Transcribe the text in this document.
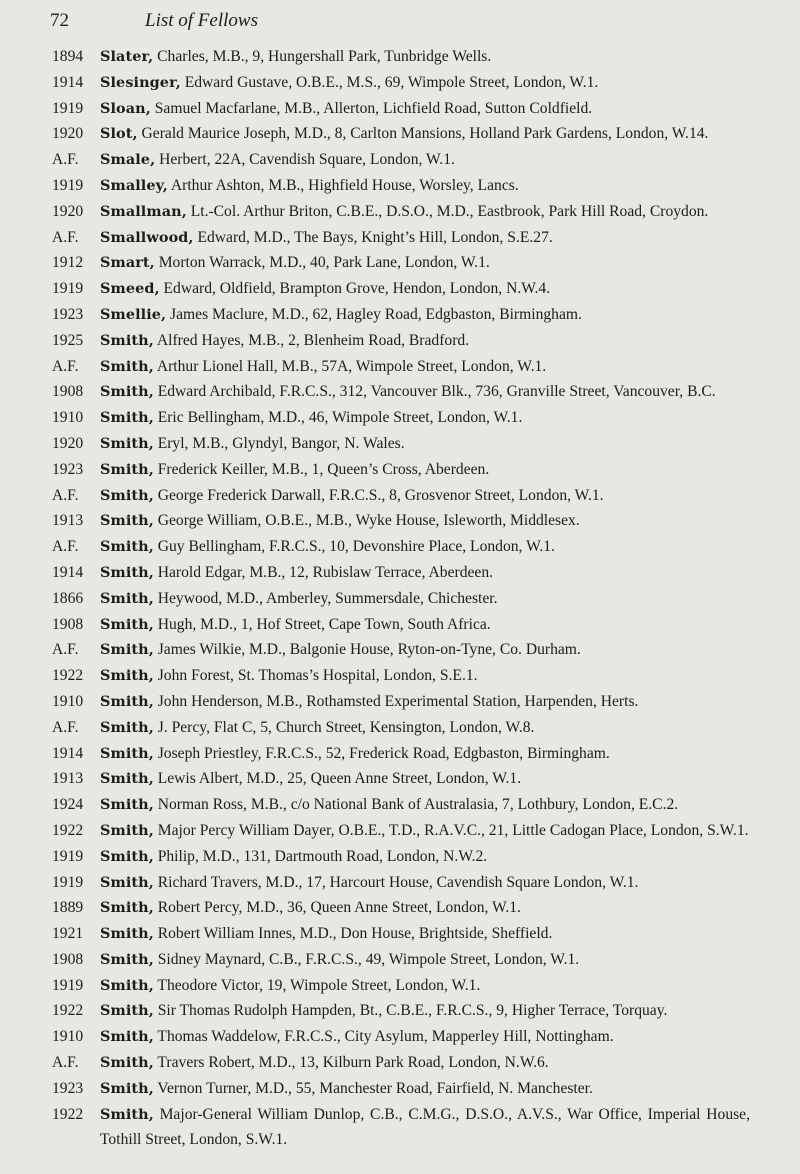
72	List of Fellows
1894	Slater, Charles, M.B., 9, Hungershall Park, Tunbridge Wells.
1914	Slesinger, Edward Gustave, O.B.E., M.S., 69, Wimpole Street, London, W.1.
1919	Sloan, Samuel Macfarlane, M.B., Allerton, Lichfield Road, Sutton Coldfield.
1920	Slot, Gerald Maurice Joseph, M.D., 8, Carlton Mansions, Holland Park Gardens, London, W.14.
A.F.	Smale, Herbert, 22A, Cavendish Square, London, W.1.
1919	Smalley, Arthur Ashton, M.B., Highfield House, Worsley, Lancs.
1920	Smallman, Lt.-Col. Arthur Briton, C.B.E., D.S.O., M.D., Eastbrook, Park Hill Road, Croydon.
A.F.	Smallwood, Edward, M.D., The Bays, Knight’s Hill, London, S.E.27.
1912	Smart, Morton Warrack, M.D., 40, Park Lane, London, W.1.
1919	Smeed, Edward, Oldfield, Brampton Grove, Hendon, London, N.W.4.
1923	Smellie, James Maclure, M.D., 62, Hagley Road, Edgbaston, Birmingham.
1925	Smith, Alfred Hayes, M.B., 2, Blenheim Road, Bradford.
A.F.	Smith, Arthur Lionel Hall, M.B., 57A, Wimpole Street, London, W.1.
1908	Smith, Edward Archibald, F.R.C.S., 312, Vancouver Blk., 736, Granville Street, Vancouver, B.C.
1910	Smith, Eric Bellingham, M.D., 46, Wimpole Street, London, W.1.
1920	Smith, Eryl, M.B., Glyndyl, Bangor, N. Wales.
1923	Smith, Frederick Keiller, M.B., 1, Queen’s Cross, Aberdeen.
A.F.	Smith, George Frederick Darwall, F.R.C.S., 8, Grosvenor Street, London, W.1.
1913	Smith, George William, O.B.E., M.B., Wyke House, Isleworth, Middlesex.
A.F.	Smith, Guy Bellingham, F.R.C.S., 10, Devonshire Place, London, W.1.
1914	Smith, Harold Edgar, M.B., 12, Rubislaw Terrace, Aberdeen.
1866	Smith, Heywood, M.D., Amberley, Summersdale, Chichester.
1908	Smith, Hugh, M.D., 1, Hof Street, Cape Town, South Africa.
A.F.	Smith, James Wilkie, M.D., Balgonie House, Ryton-on-Tyne, Co. Durham.
1922	Smith, John Forest, St. Thomas’s Hospital, London, S.E.1.
1910	Smith, John Henderson, M.B., Rothamsted Experimental Station, Harpenden, Herts.
A.F.	Smith, J. Percy, Flat C, 5, Church Street, Kensington, London, W.8.
1914	Smith, Joseph Priestley, F.R.C.S., 52, Frederick Road, Edgbaston, Birmingham.
1913	Smith, Lewis Albert, M.D., 25, Queen Anne Street, London, W.1.
1924	Smith, Norman Ross, M.B., c/o National Bank of Australasia, 7, Lothbury, London, E.C.2.
1922	Smith, Major Percy William Dayer, O.B.E., T.D., R.A.V.C., 21, Little Cadogan Place, London, S.W.1.
1919	Smith, Philip, M.D., 131, Dartmouth Road, London, N.W.2.
1919	Smith, Richard Travers, M.D., 17, Harcourt House, Cavendish Square London, W.1.
1889	Smith, Robert Percy, M.D., 36, Queen Anne Street, London, W.1.
1921	Smith, Robert William Innes, M.D., Don House, Brightside, Sheffield.
1908	Smith, Sidney Maynard, C.B., F.R.C.S., 49, Wimpole Street, London, W.1.
1919	Smith, Theodore Victor, 19, Wimpole Street, London, W.1.
1922	Smith, Sir Thomas Rudolph Hampden, Bt., C.B.E., F.R.C.S., 9, Higher Terrace, Torquay.
1910	Smith, Thomas Waddelow, F.R.C.S., City Asylum, Mapperley Hill, Nottingham.
A.F.	Smith, Travers Robert, M.D., 13, Kilburn Park Road, London, N.W.6.
1923	Smith, Vernon Turner, M.D., 55, Manchester Road, Fairfield, N. Manchester.
1922	Smith, Major-General William Dunlop, C.B., C.M.G., D.S.O., A.V.S., War Office, Imperial House, Tothill Street, London, S.W.1.
